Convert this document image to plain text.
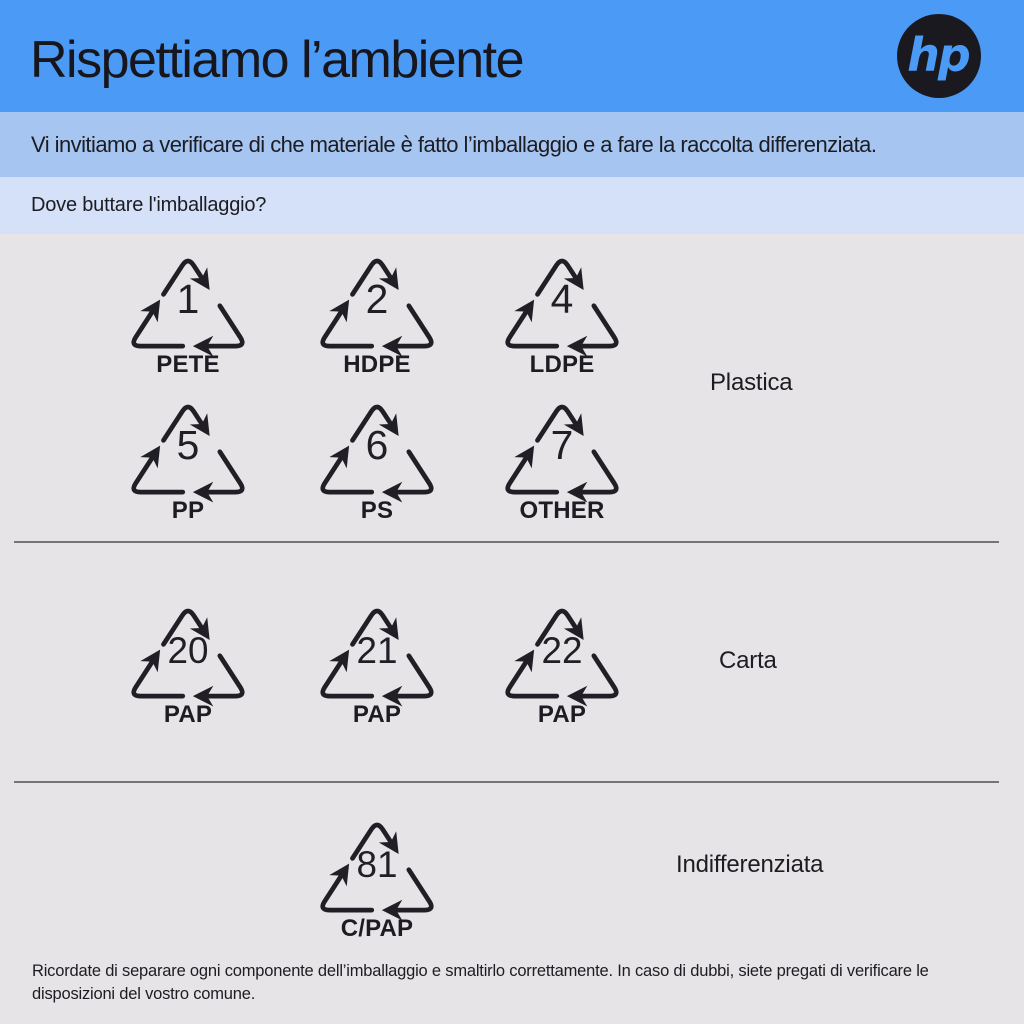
Rispettiamo l’ambiente	hp

Vi invitiamo a verificare di che materiale è fatto l’imballaggio e a fare la raccolta differenziata.

Dove buttare l'imballaggio?

Plastica
Carta
Indifferenziata

Ricordate di separare ogni componente dell’imballaggio e smaltirlo correttamente. In caso di dubbi, siete pregati di verificare le disposizioni del vostro comune.

1
PETE
2
HDPE
4
LDPE
5
PP
6
PS
7
OTHER
20
PAP
21
PAP
22
PAP
81
C/PAP
